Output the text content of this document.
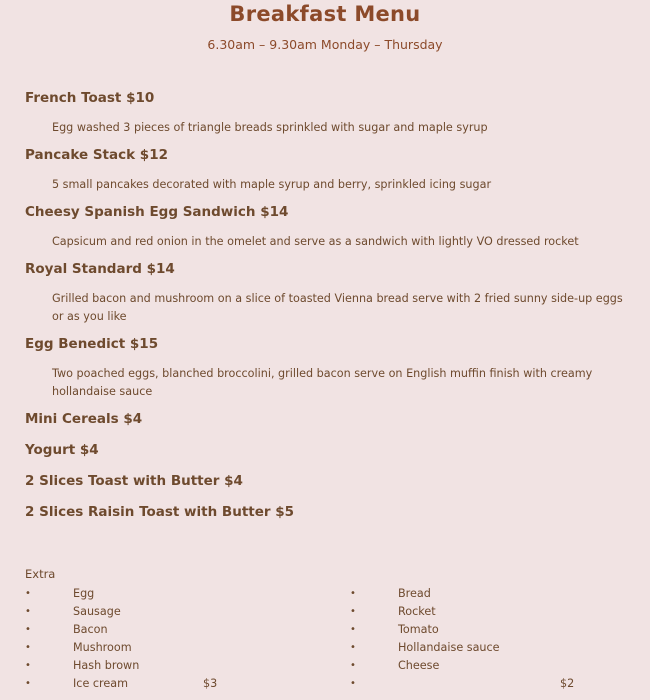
Breakfast Menu
6.30am – 9.30am Monday – Thursday
French Toast $10
Egg washed 3 pieces of triangle breads sprinkled with sugar and maple syrup
Pancake Stack $12
5 small pancakes decorated with maple syrup and berry, sprinkled icing sugar
Cheesy Spanish Egg Sandwich $14
Capsicum and red onion in the omelet and serve as a sandwich with lightly VO dressed rocket
Royal Standard $14
Grilled bacon and mushroom on a slice of toasted Vienna bread serve with 2 fried sunny side-up eggs or as you like
Egg Benedict $15
Two poached eggs, blanched broccolini, grilled bacon serve on English muffin finish with creamy hollandaise sauce
Mini Cereals $4
Yogurt $4
2 Slices Toast with Butter $4
2 Slices Raisin Toast with Butter $5
Extra
•	Egg
•	Sausage
•	Bacon
•	Mushroom
•	Hash brown
•	Ice cream	$3
•	Bread
•	Rocket
•	Tomato
•	Hollandaise sauce
•	Cheese
•	$2
